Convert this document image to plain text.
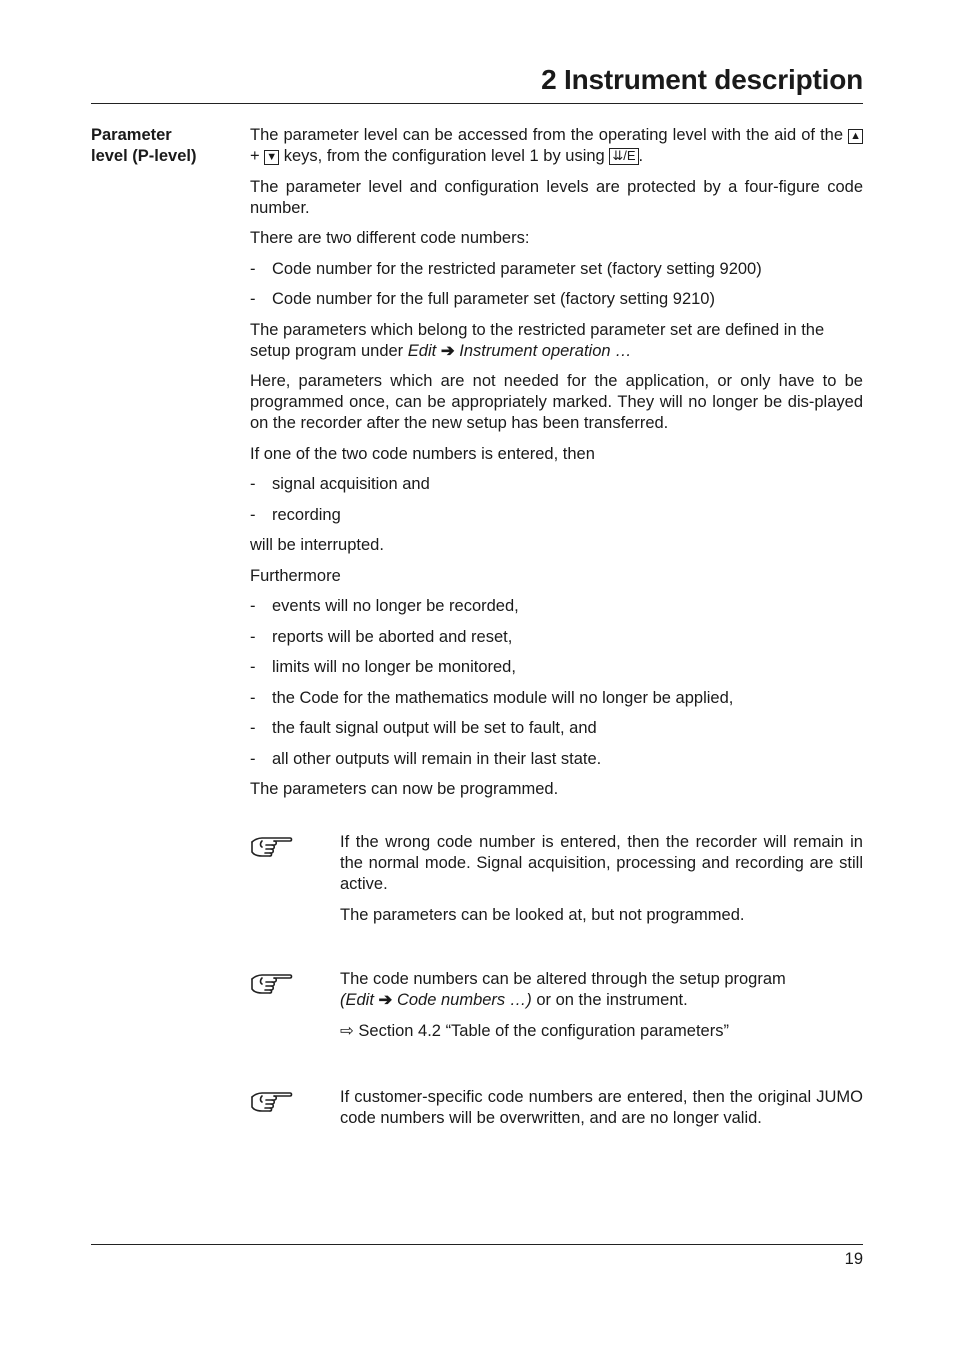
2 Instrument description
Parameter
level (P-level)

The parameter level can be accessed from the operating level with the aid of the ▲ + ▼ keys, from the configuration level 1 by using ⇊/E .

The parameter level and configuration levels are protected by a four-figure code number.

There are two different code numbers:

-	Code number for the restricted parameter set (factory setting 9200)
-	Code number for the full parameter set (factory setting 9210)

The parameters which belong to the restricted parameter set are defined in the setup program under Edit ➔ Instrument operation …

Here, parameters which are not needed for the application, or only have to be programmed once, can be appropriately marked. They will no longer be dis-played on the recorder after the new setup has been transferred.

If one of the two code numbers is entered, then

-	signal acquisition and
-	recording

will be interrupted.

Furthermore

-	events will no longer be recorded,
-	reports will be aborted and reset,
-	limits will no longer be monitored,
-	the Code for the mathematics module will no longer be applied,
-	the fault signal output will be set to fault, and
-	all other outputs will remain in their last state.

The parameters can now be programmed.

If the wrong code number is entered, then the recorder will remain in the normal mode. Signal acquisition, processing and recording are still active.

The parameters can be looked at, but not programmed.

The code numbers can be altered through the setup program
(Edit ➔ Code numbers …) or on the instrument.

⇨ Section 4.2 “Table of the configuration parameters”

If customer-specific code numbers are entered, then the original JUMO code numbers will be overwritten, and are no longer valid.

19
